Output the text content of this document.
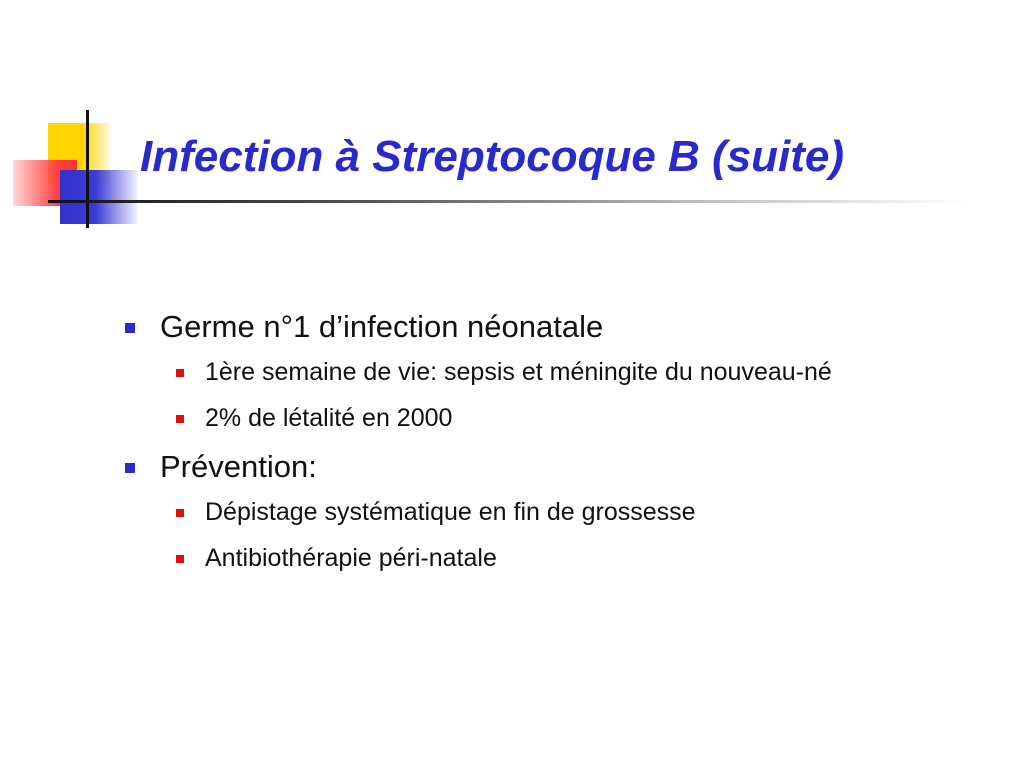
Infection à Streptocoque B (suite)
Germe n°1 d’infection néonatale
1ère semaine de vie: sepsis et méningite du nouveau-né
2% de létalité en 2000
Prévention:
Dépistage systématique en fin de grossesse
Antibiothérapie péri-natale
